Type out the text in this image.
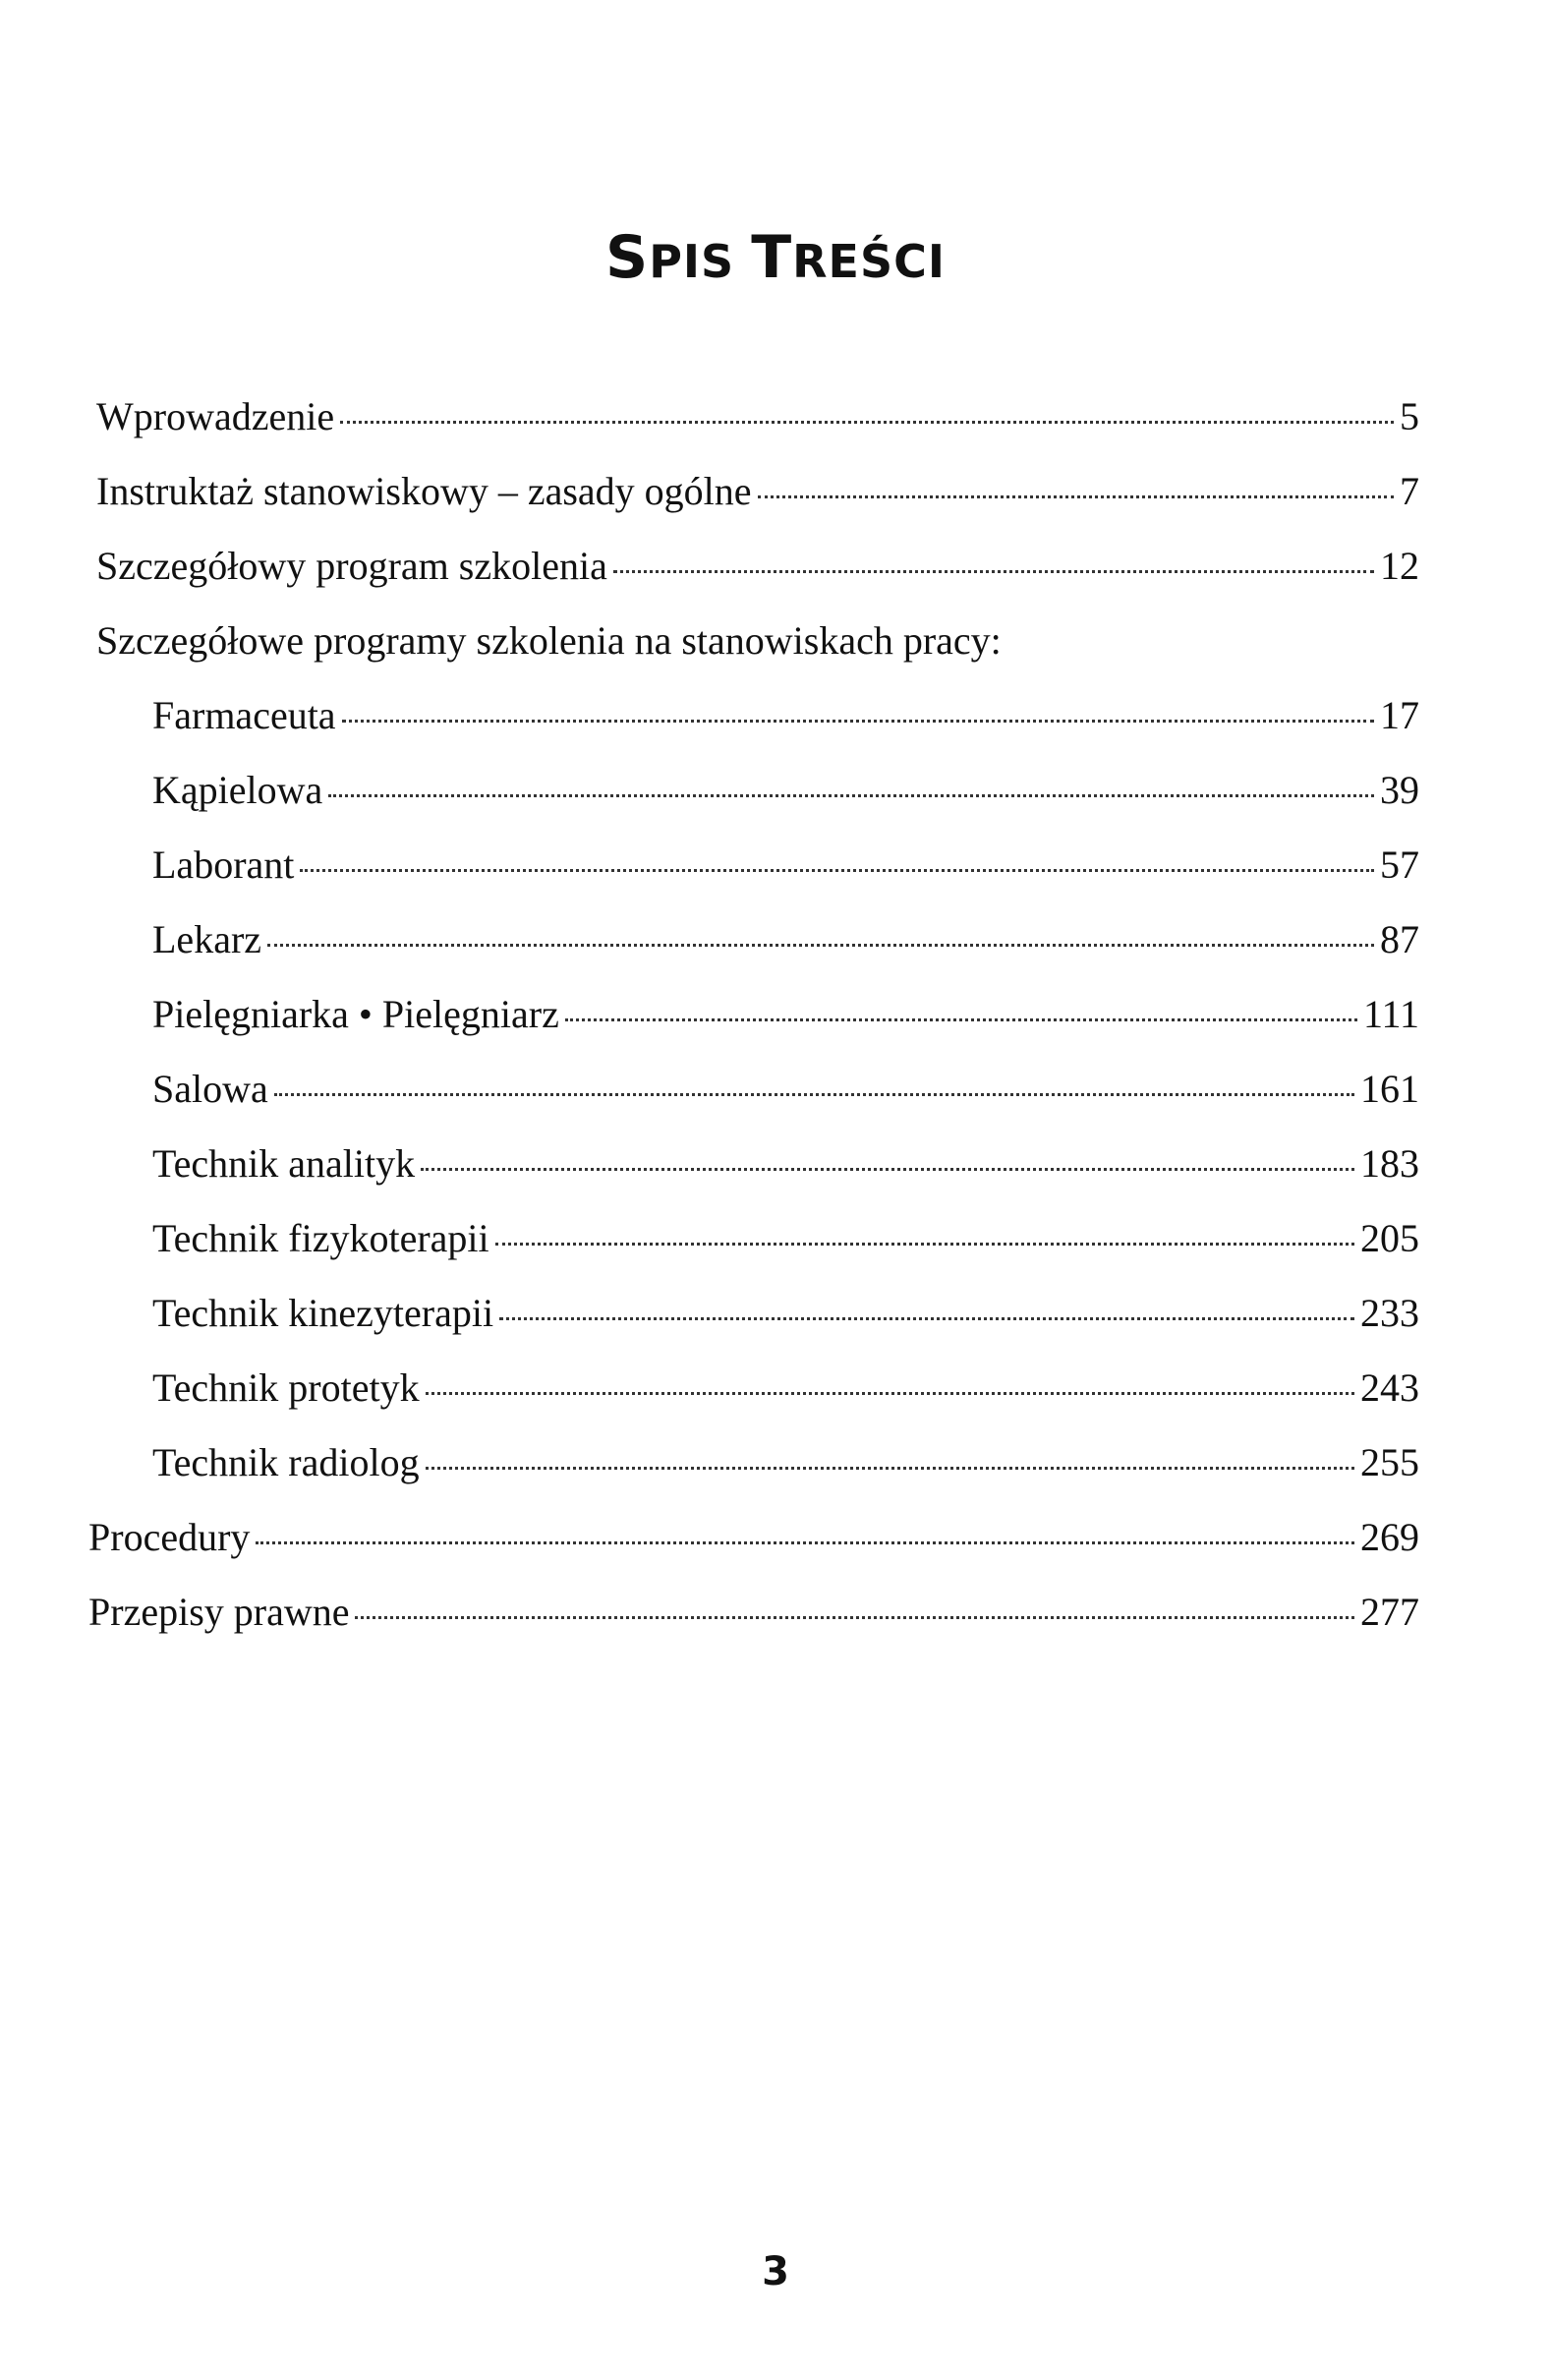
SPIS TREŚCI
Wprowadzenie	5
Instruktaż stanowiskowy – zasady ogólne	7
Szczegółowy program szkolenia	12
Szczegółowe programy szkolenia na stanowiskach pracy:
Farmaceuta	17
Kąpielowa	39
Laborant	57
Lekarz	87
Pielęgniarka • Pielęgniarz	111
Salowa	161
Technik analityk	183
Technik fizykoterapii	205
Technik kinezyterapii	233
Technik protetyk	243
Technik radiolog	255
Procedury	269
Przepisy prawne	277
3
